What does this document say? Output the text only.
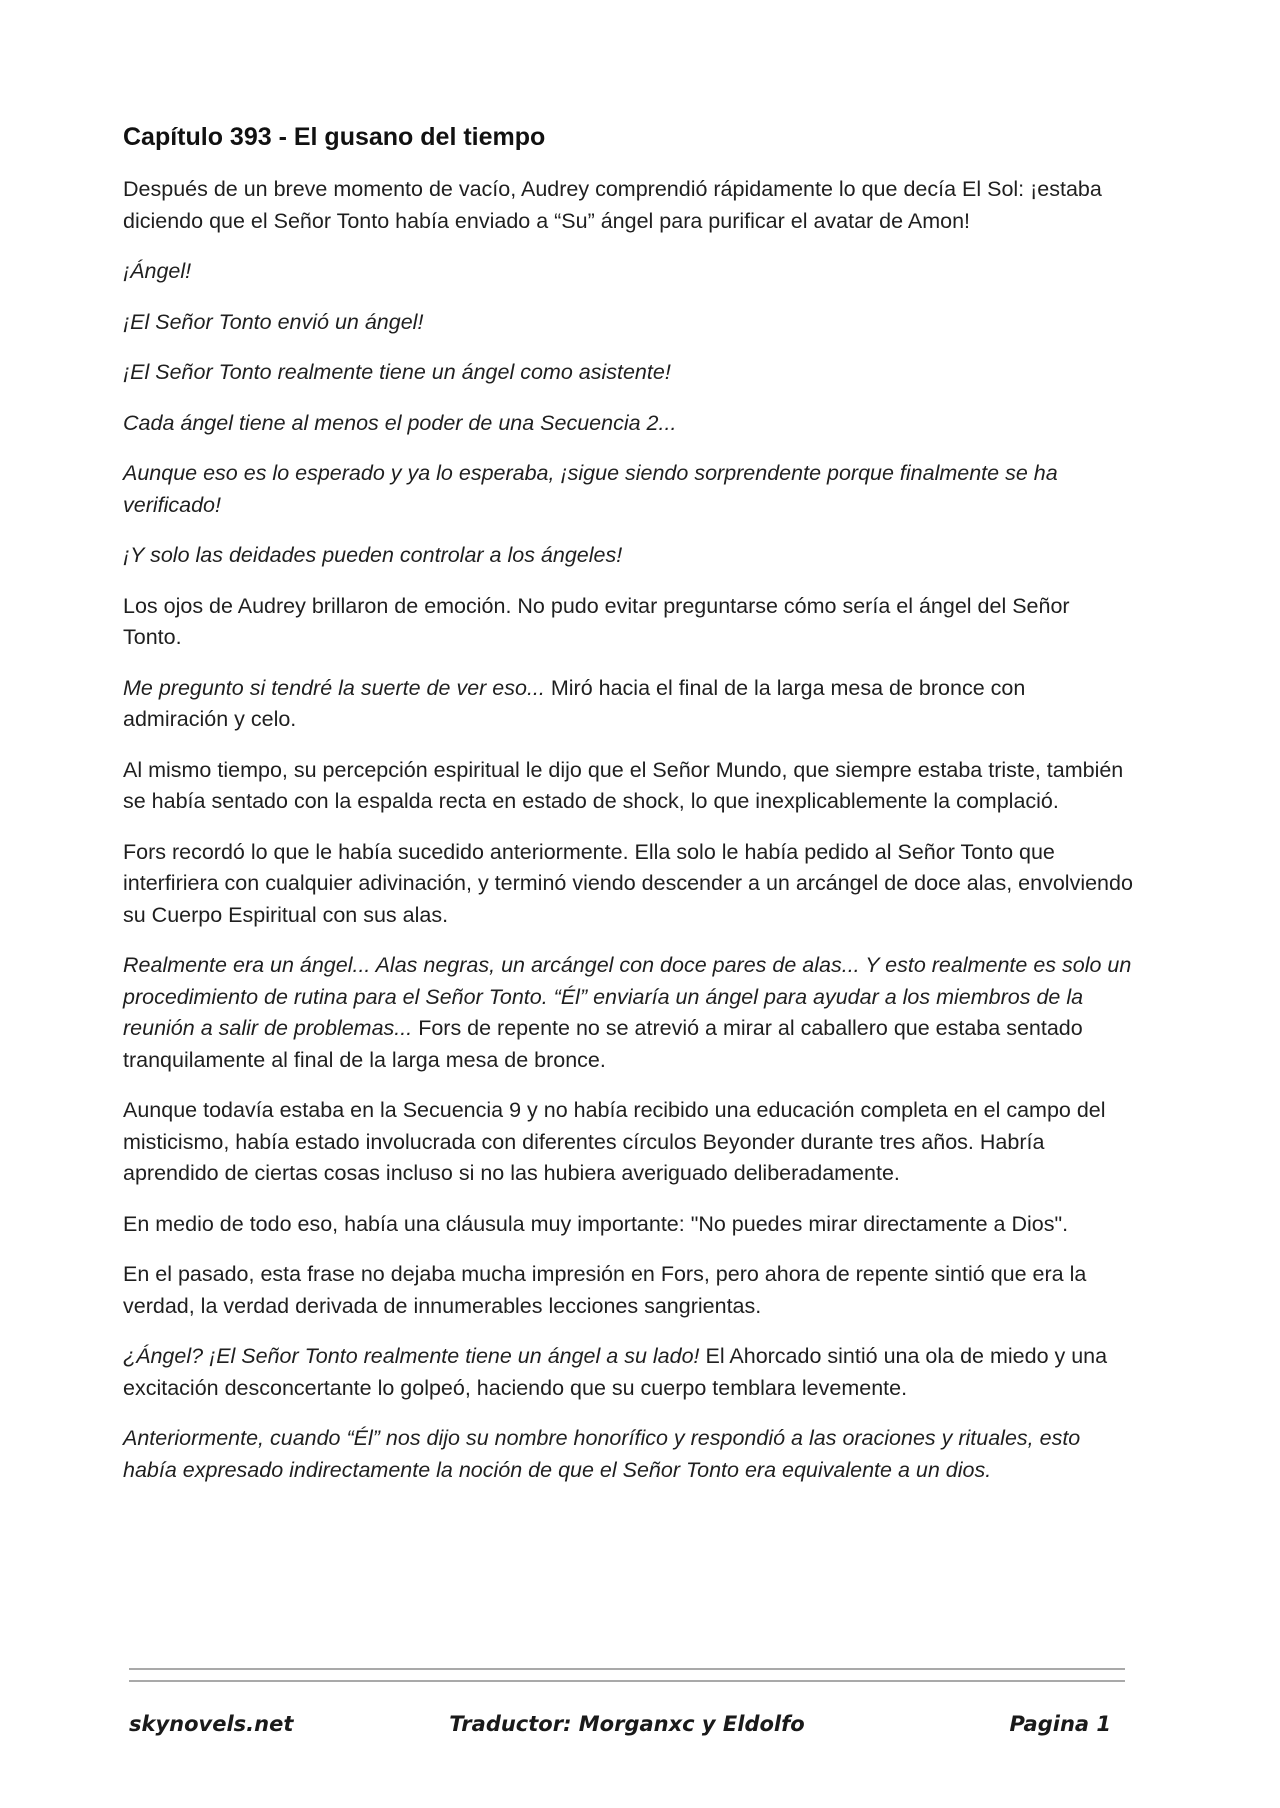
Capítulo 393 - El gusano del tiempo

Después de un breve momento de vacío, Audrey comprendió rápidamente lo que decía El Sol: ¡estaba diciendo que el Señor Tonto había enviado a “Su” ángel para purificar el avatar de Amon!

¡Ángel!

¡El Señor Tonto envió un ángel!

¡El Señor Tonto realmente tiene un ángel como asistente!

Cada ángel tiene al menos el poder de una Secuencia 2...

Aunque eso es lo esperado y ya lo esperaba, ¡sigue siendo sorprendente porque finalmente se ha verificado!

¡Y solo las deidades pueden controlar a los ángeles!

Los ojos de Audrey brillaron de emoción. No pudo evitar preguntarse cómo sería el ángel del Señor Tonto.

Me pregunto si tendré la suerte de ver eso... Miró hacia el final de la larga mesa de bronce con admiración y celo.

Al mismo tiempo, su percepción espiritual le dijo que el Señor Mundo, que siempre estaba triste, también se había sentado con la espalda recta en estado de shock, lo que inexplicablemente la complació.

Fors recordó lo que le había sucedido anteriormente. Ella solo le había pedido al Señor Tonto que interfiriera con cualquier adivinación, y terminó viendo descender a un arcángel de doce alas, envolviendo su Cuerpo Espiritual con sus alas.

Realmente era un ángel... Alas negras, un arcángel con doce pares de alas... Y esto realmente es solo un procedimiento de rutina para el Señor Tonto. “Él” enviaría un ángel para ayudar a los miembros de la reunión a salir de problemas... Fors de repente no se atrevió a mirar al caballero que estaba sentado tranquilamente al final de la larga mesa de bronce.

Aunque todavía estaba en la Secuencia 9 y no había recibido una educación completa en el campo del misticismo, había estado involucrada con diferentes círculos Beyonder durante tres años. Habría aprendido de ciertas cosas incluso si no las hubiera averiguado deliberadamente.

En medio de todo eso, había una cláusula muy importante: "No puedes mirar directamente a Dios".

En el pasado, esta frase no dejaba mucha impresión en Fors, pero ahora de repente sintió que era la verdad, la verdad derivada de innumerables lecciones sangrientas.

¿Ángel? ¡El Señor Tonto realmente tiene un ángel a su lado! El Ahorcado sintió una ola de miedo y una excitación desconcertante lo golpeó, haciendo que su cuerpo temblara levemente.

Anteriormente, cuando “Él” nos dijo su nombre honorífico y respondió a las oraciones y rituales, esto había expresado indirectamente la noción de que el Señor Tonto era equivalente a un dios.

skynovels.net	Traductor: Morganxc y Eldolfo	Pagina 1
